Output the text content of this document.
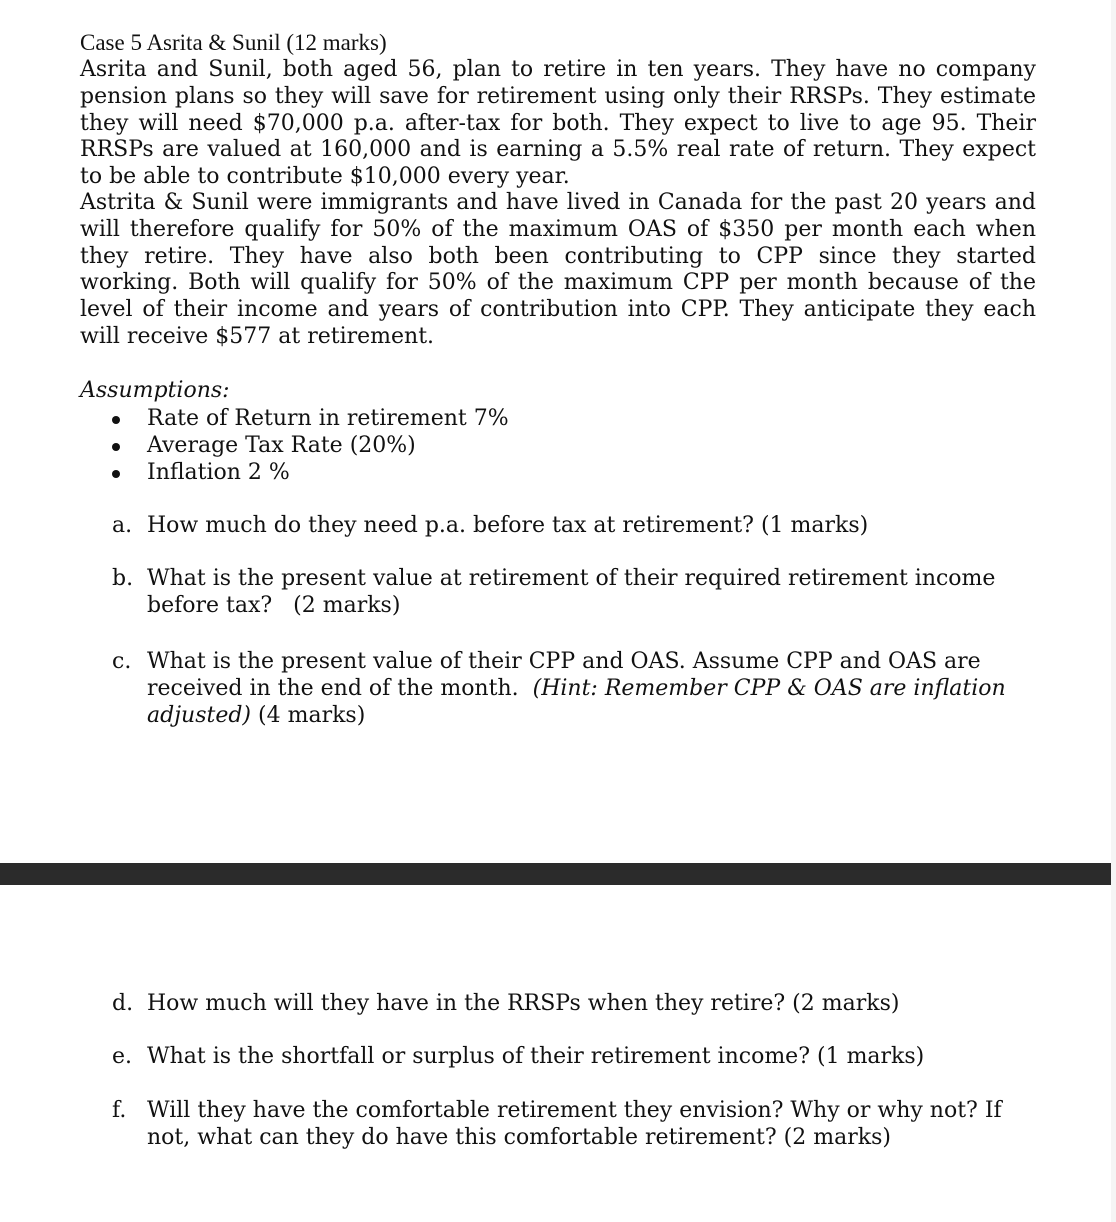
Case 5 Asrita & Sunil (12 marks)
Asrita and Sunil, both aged 56, plan to retire in ten years. They have no company pension plans so they will save for retirement using only their RRSPs. They estimate they will need $70,000 p.a. after-tax for both. They expect to live to age 95. Their RRSPs are valued at 160,000 and is earning a 5.5% real rate of return. They expect to be able to contribute $10,000 every year.
Astrita & Sunil were immigrants and have lived in Canada for the past 20 years and will therefore qualify for 50% of the maximum OAS of $350 per month each when they retire. They have also both been contributing to CPP since they started working. Both will qualify for 50% of the maximum CPP per month because of the level of their income and years of contribution into CPP. They anticipate they each will receive $577 at retirement.
Assumptions:
Rate of Return in retirement 7%
Average Tax Rate (20%)
Inflation 2 %
a. How much do they need p.a. before tax at retirement? (1 marks)
b. What is the present value at retirement of their required retirement income before tax?   (2 marks)
c. What is the present value of their CPP and OAS. Assume CPP and OAS are received in the end of the month. (Hint: Remember CPP & OAS are inflation adjusted) (4 marks)
d. How much will they have in the RRSPs when they retire? (2 marks)
e. What is the shortfall or surplus of their retirement income? (1 marks)
f. Will they have the comfortable retirement they envision? Why or why not? If not, what can they do have this comfortable retirement? (2 marks)
